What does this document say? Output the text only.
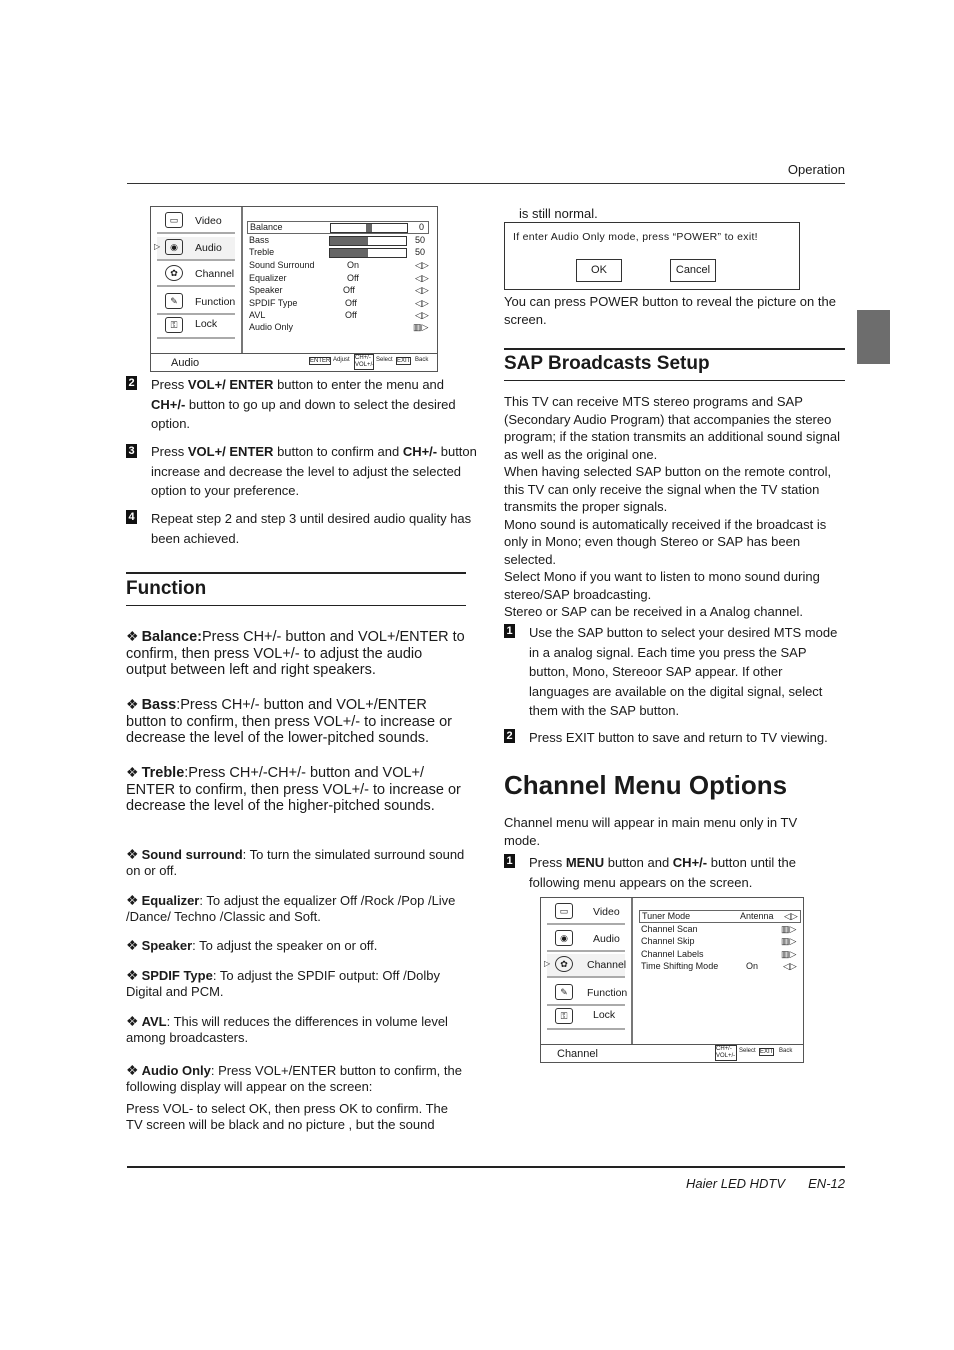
Operation
▭	Video
▷	◉	Audio
✿	Channel
✎	Function
⚿	Lock
Balance	0
Bass	50
Treble	50
Sound Surround	On	◁▷
Equalizer	Off	◁▷
Speaker	Off	◁▷
SPDIF Type	Off	◁▷
AVL	Off	◁▷
Audio Only	▥▷
Audio	ENTER Adjust CH+/-
VOL+/-
Select EXIT Back
2 Press VOL+/ ENTER button to enter the menu and CH+/- button to go up and down to select the desired option.
3 Press VOL+/ ENTER button to confirm and CH+/- button increase and decrease the level to adjust the selected option to your preference.
4 Repeat step 2 and step 3 until desired audio quality has been achieved.
Function
❖ Balance:Press CH+/- button and VOL+/ENTER to confirm, then press VOL+/- to adjust the audio output between left and right speakers.
❖ Bass:Press CH+/- button and VOL+/ENTER button to confirm, then press VOL+/- to increase or decrease the level of the lower-pitched sounds.
❖ Treble:Press CH+/-CH+/- button and VOL+/ ENTER to confirm, then press VOL+/- to increase or decrease the level of the higher-pitched sounds.
❖ Sound surround: To turn the simulated surround sound on or off.
❖ Equalizer: To adjust the equalizer Off /Rock /Pop /Live /Dance/ Techno /Classic and Soft.
❖ Speaker: To adjust the speaker on or off.
❖ SPDIF Type: To adjust the SPDIF output: Off /Dolby Digital and PCM.
❖ AVL: This will reduces the differences in volume level among broadcasters.
❖ Audio Only: Press VOL+/ENTER button to confirm, the following display will appear on the screen:
Press VOL- to select OK, then press OK to confirm. The TV screen will be black and no picture , but the sound
is still normal.
If enter Audio Only mode, press “POWER” to exit!
OK	Cancel
You can press POWER button to reveal the picture on the screen.
SAP Broadcasts Setup

This TV can receive MTS stereo programs and SAP (Secondary Audio Program) that accompanies the stereo program; if the station transmits an additional sound signal as well as the original one.

When having selected SAP button on the remote control, this TV can only receive the signal when the TV station transmits the proper signals.

Mono sound is automatically received if the broadcast is only in Mono; even though Stereo or SAP has been selected.

Select Mono if you want to listen to mono sound during stereo/SAP broadcasting.

Stereo or SAP can be received in a Analog channel.

1 Use the SAP button to select your desired MTS mode in a analog signal. Each time you press the SAP button, Mono, Stereoor SAP appear. If other languages are available on the digital signal, select them with the SAP button.
2 Press EXIT button to save and return to TV viewing.
Channel Menu Options
Channel menu will appear in main menu only in TV mode.
1 Press MENU button and CH+/- button until the following menu appears on the screen.
▭	Video
◉	Audio
▷	✿	Channel
✎	Function
⚿	Lock
Tuner Mode	Antenna ◁▷
Channel Scan	▥▷
Channel Skip	▥▷
Channel Labels	▥▷
Time Shifting Mode	On	◁▷
Channel	CH+/-
VOL+/-
Select EXIT Back
Haier LED HDTV EN-12
